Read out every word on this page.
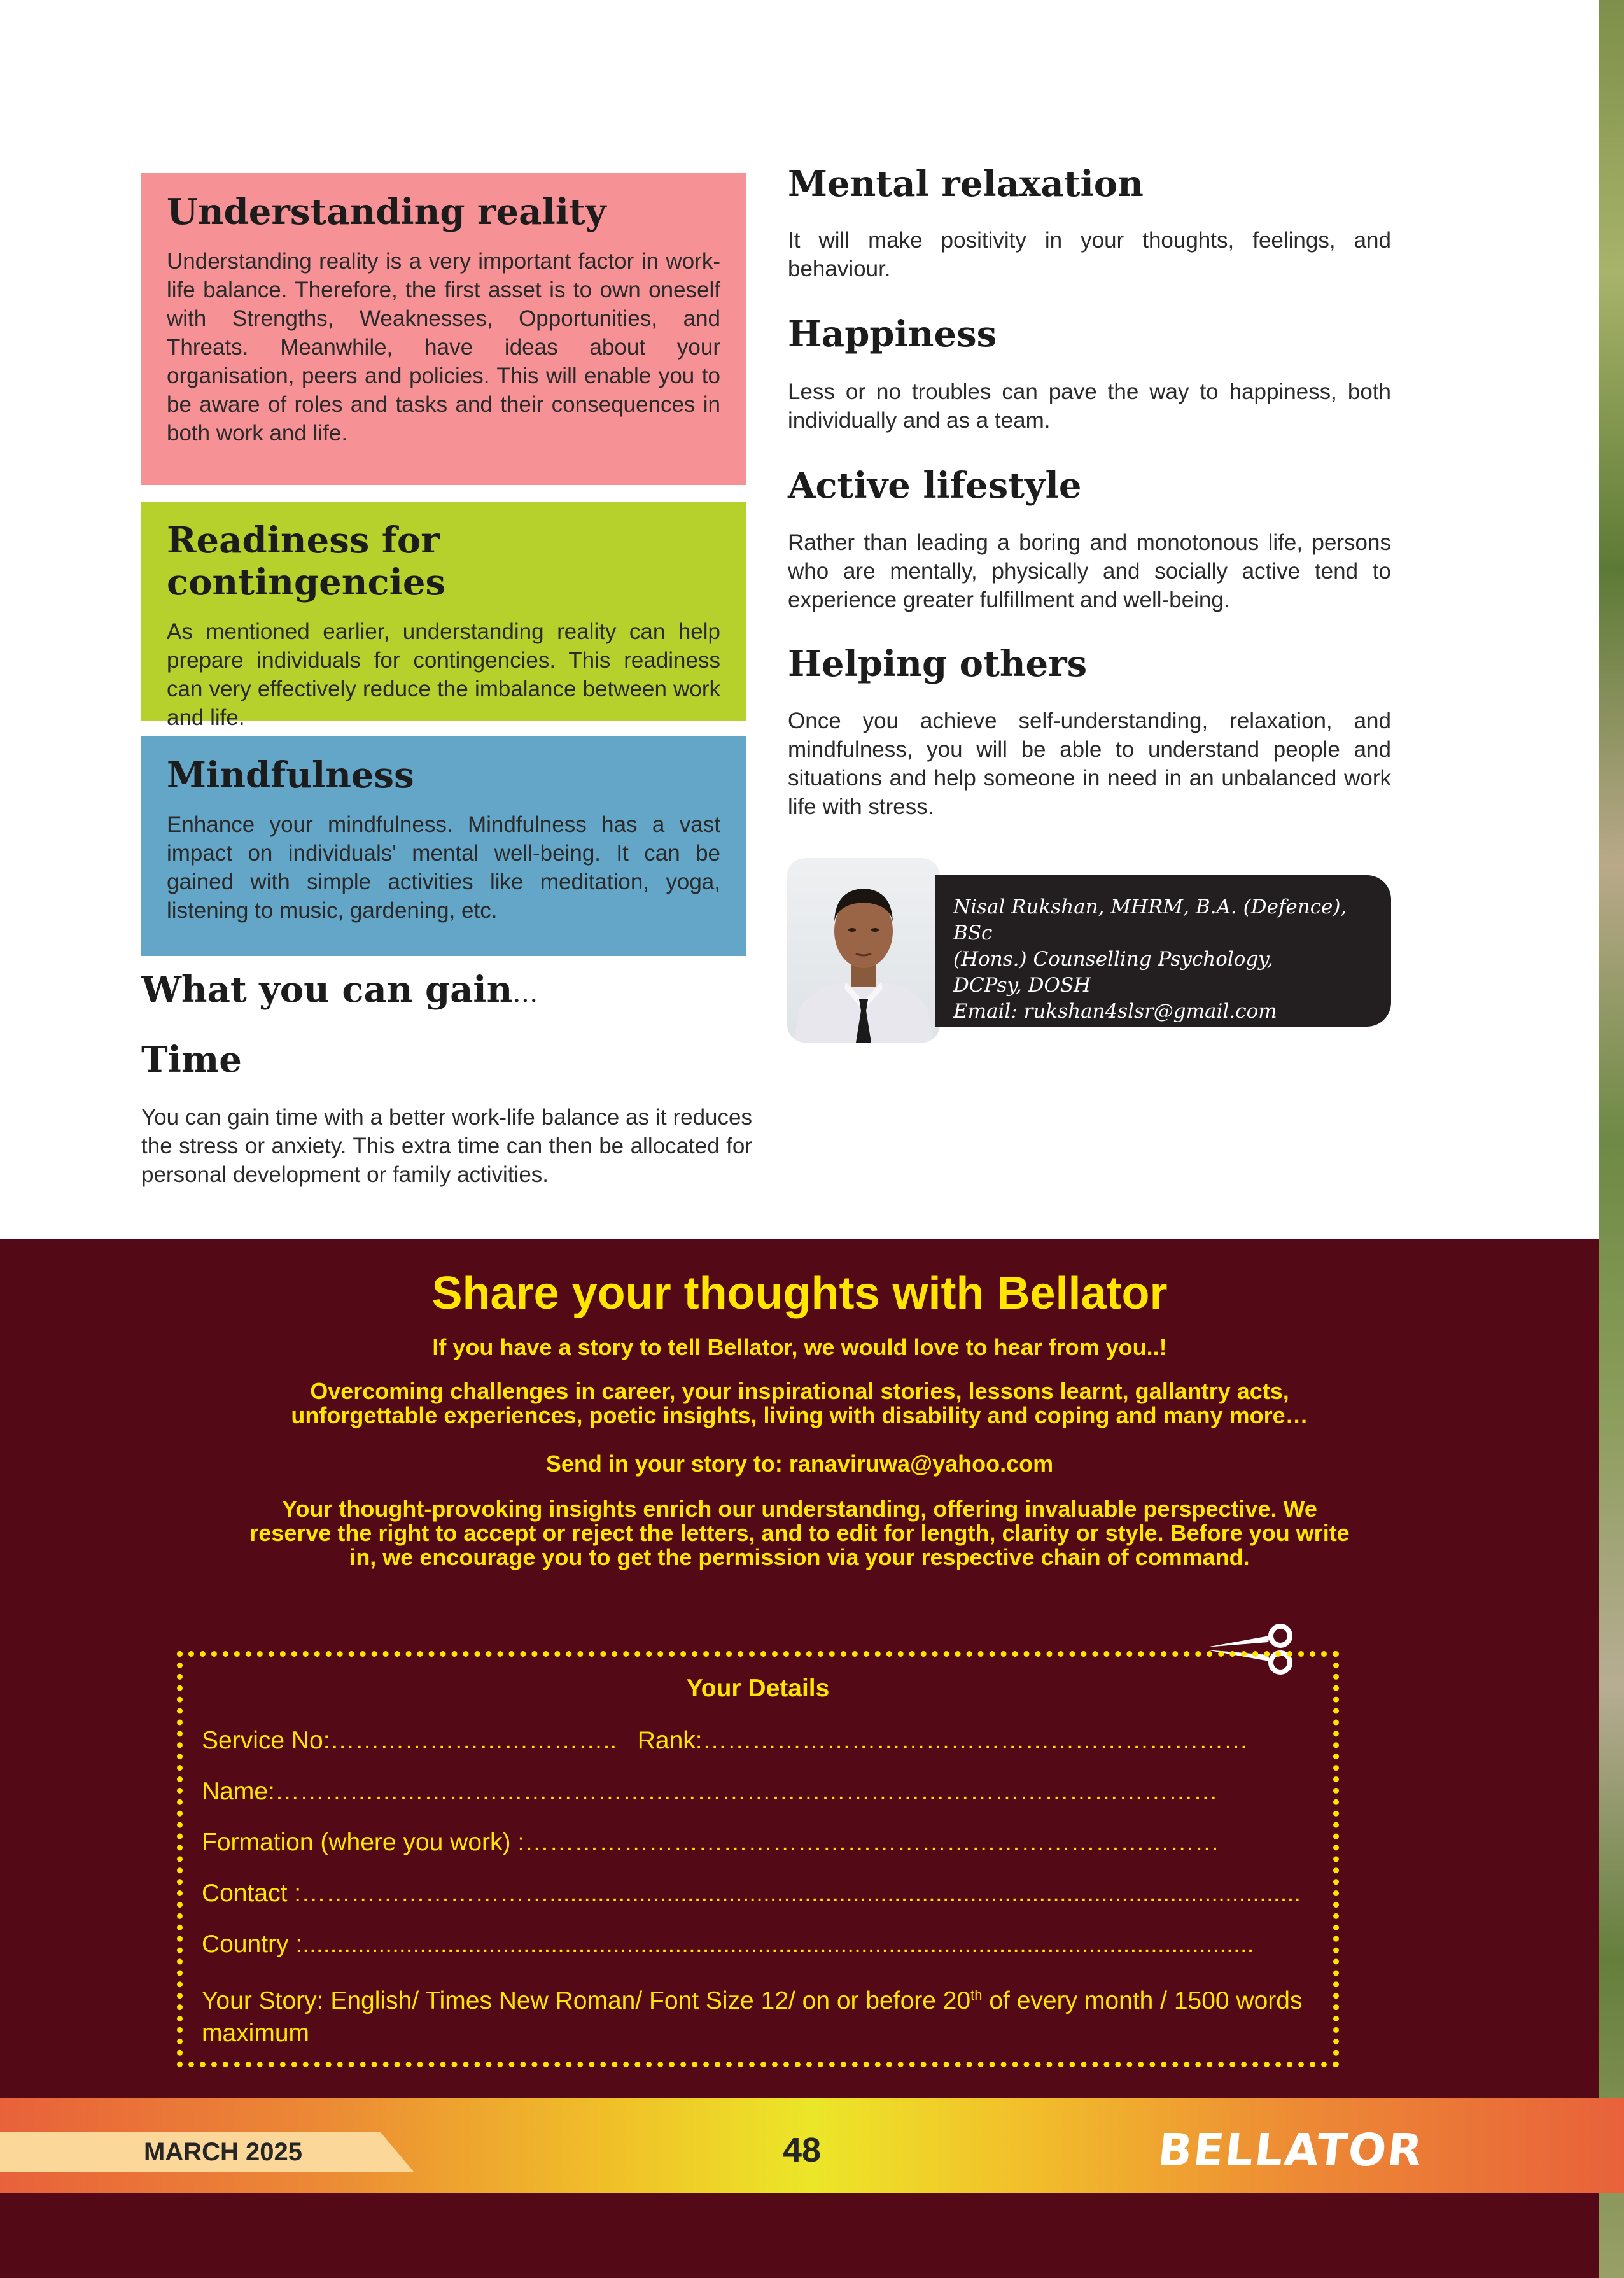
Understanding reality

Understanding reality is a very important factor in work-life balance. Therefore, the first asset is to own oneself with Strengths, Weaknesses, Opportunities, and Threats. Meanwhile, have ideas about your organisation, peers and policies. This will enable you to be aware of roles and tasks and their consequences in both work and life.

Readiness for contingencies

As mentioned earlier, understanding reality can help prepare individuals for contingencies. This readiness can very effectively reduce the imbalance between work and life.

Mindfulness

Enhance your mindfulness. Mindfulness has a vast impact on individuals' mental well-being. It can be gained with simple activities like meditation, yoga, listening to music, gardening, etc.

What you can gain…
Time

You can gain time with a better work-life balance as it reduces the stress or anxiety. This extra time can then be allocated for personal development or family activities.

Mental relaxation

It will make positivity in your thoughts, feelings, and behaviour.

Happiness

Less or no troubles can pave the way to happiness, both individually and as a team.

Active lifestyle

Rather than leading a boring and monotonous life, persons who are mentally, physically and socially active tend to experience greater fulfillment and well-being.

Helping others

Once you achieve self-understanding, relaxation, and mindfulness, you will be able to understand people and situations and help someone in need in an unbalanced work life with stress.

Nisal Rukshan, MHRM, B.A. (Defence), BSc
(Hons.) Counselling Psychology,
DCPsy, DOSH
Email: rukshan4slsr@gmail.com
Share your thoughts with Bellator

If you have a story to tell Bellator, we would love to hear from you..!

Overcoming challenges in career, your inspirational stories, lessons learnt, gallantry acts,

unforgettable experiences, poetic insights, living with disability and coping and many more…

Send in your story to: ranaviruwa@yahoo.com

Your thought-provoking insights enrich our understanding, offering invaluable perspective. We

reserve the right to accept or reject the letters, and to edit for length, clarity or style. Before you write

in, we encourage you to get the permission via your respective chain of command.

Your Details

Service No:…………………………….. Rank:…………………………………………………………

Name:……………………………………………………………………………………………………

Formation (where you work) :…………………………………………………………………………

Contact :………………………….............................................................................................................

Country :..........................................................................................................................................

Your Story: English/ Times New Roman/ Font Size 12/ on or before 20th of every month / 1500 words maximum

MARCH 2025	48	BELLATOR
